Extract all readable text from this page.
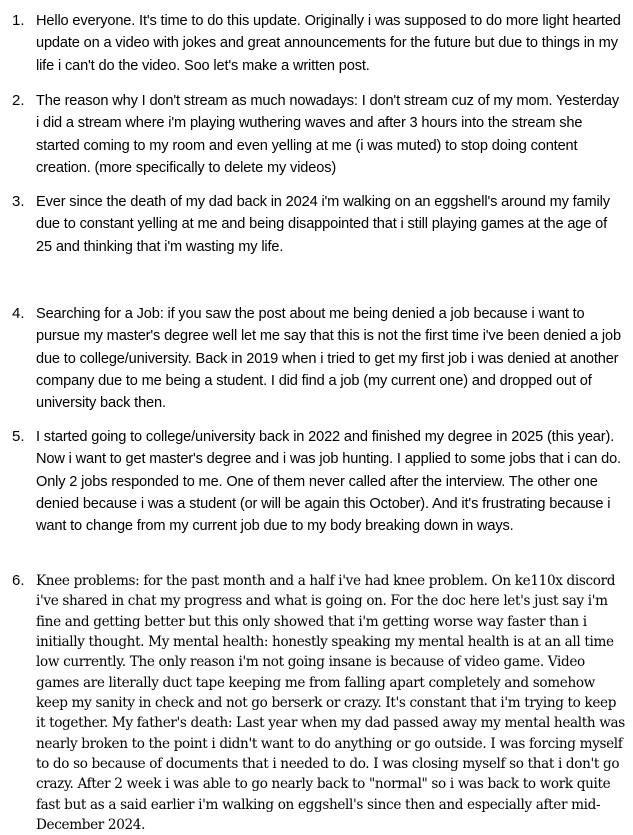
1. Hello everyone. It's time to do this update. Originally i was supposed to do more light hearted update on a video with jokes and great announcements for the future but due to things in my life i can't do the video. Soo let's make a written post.
2. The reason why I don't stream as much nowadays: I don't stream cuz of my mom. Yesterday i did a stream where i'm playing wuthering waves and after 3 hours into the stream she started coming to my room and even yelling at me (i was muted) to stop doing content creation. (more specifically to delete my videos)
3. Ever since the death of my dad back in 2024 i'm walking on an eggshell's around my family due to constant yelling at me and being disappointed that i still playing games at the age of 25 and thinking that i'm wasting my life.
4. Searching for a Job: if you saw the post about me being denied a job because i want to pursue my master's degree well let me say that this is not the first time i've been denied a job due to college/university. Back in 2019 when i tried to get my first job i was denied at another company due to me being a student. I did find a job (my current one) and dropped out of university back then.
5. I started going to college/university back in 2022 and finished my degree in 2025 (this year). Now i want to get master's degree and i was job hunting. I applied to some jobs that i can do. Only 2 jobs responded to me. One of them never called after the interview. The other one denied because i was a student (or will be again this October). And it's frustrating because i want to change from my current job due to my body breaking down in ways.
6. Knee problems: for the past month and a half i've had knee problem. On ke110x discord i've shared in chat my progress and what is going on. For the doc here let's just say i'm fine and getting better but this only showed that i'm getting worse way faster than i initially thought. My mental health: honestly speaking my mental health is at an all time low currently. The only reason i'm not going insane is because of video game. Video games are literally duct tape keeping me from falling apart completely and somehow keep my sanity in check and not go berserk or crazy. It's constant that i'm trying to keep it together. My father's death: Last year when my dad passed away my mental health was nearly broken to the point i didn't want to do anything or go outside. I was forcing myself to do so because of documents that i needed to do. I was closing myself so that i don't go crazy. After 2 week i was able to go nearly back to "normal" so i was back to work quite fast but as a said earlier i'm walking on eggshell's since then and especially after mid-December 2024.
